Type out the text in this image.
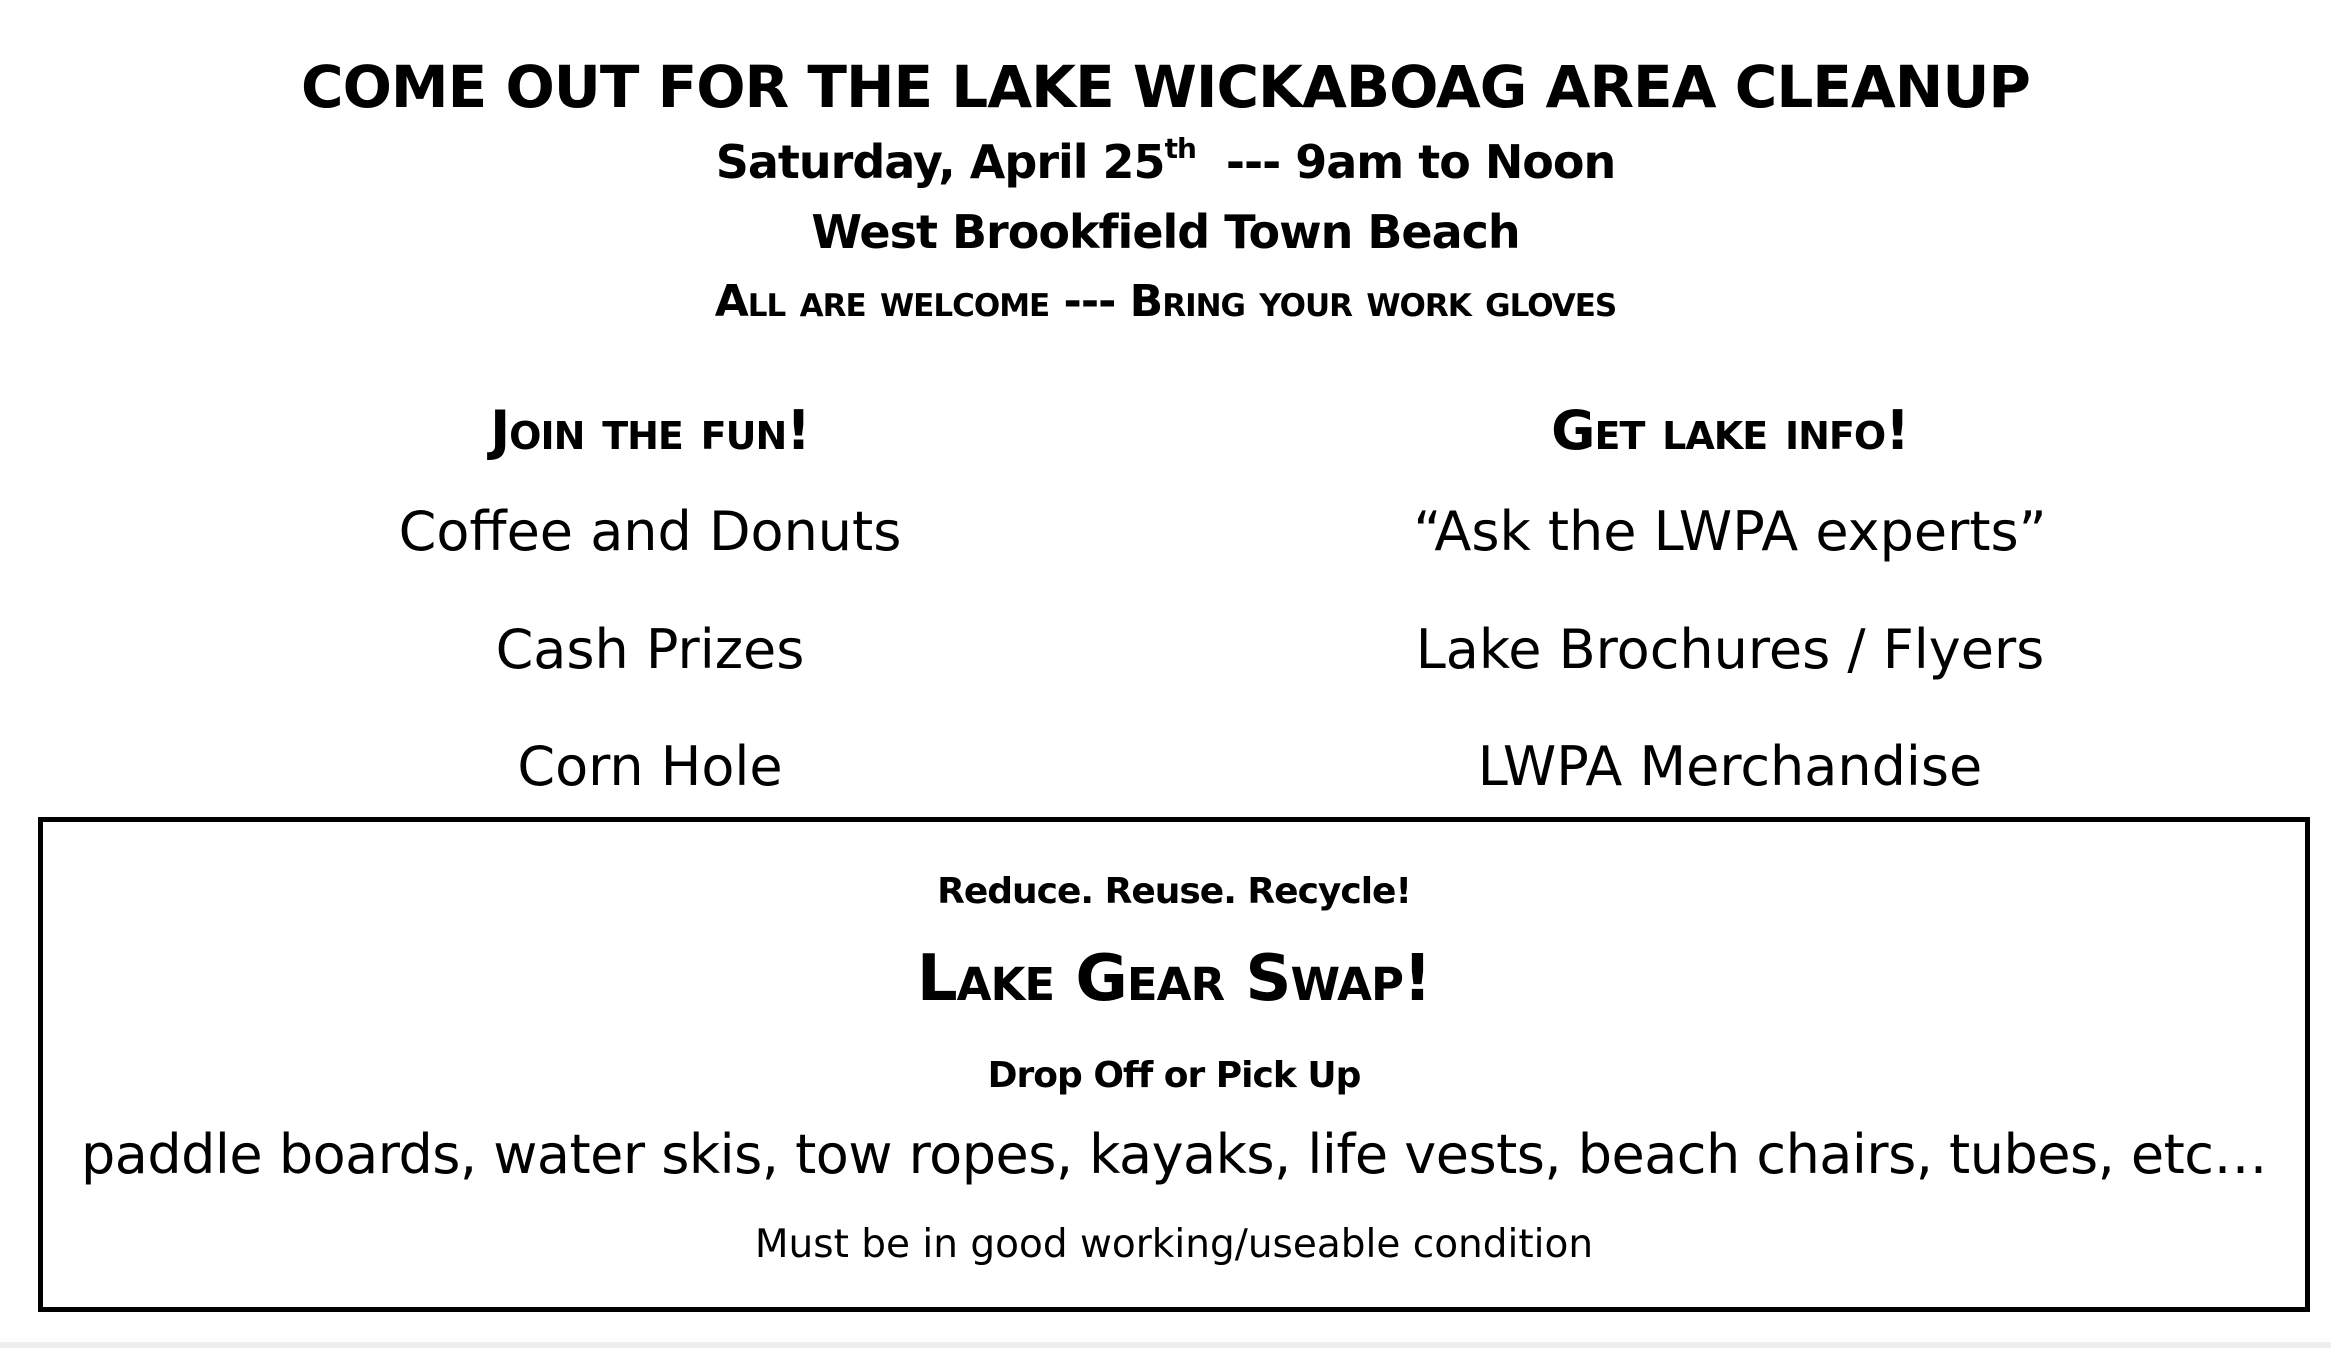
COME OUT FOR THE LAKE WICKABOAG AREA CLEANUP
Saturday, April 25th --- 9am to Noon
West Brookfield Town Beach
All are welcome --- Bring your work gloves
Join the fun!
Coffee and Donuts
Cash Prizes
Corn Hole
Get lake info!
“Ask the LWPA experts”
Lake Brochures / Flyers
LWPA Merchandise
Reduce. Reuse. Recycle!
Lake Gear Swap!
Drop Off or Pick Up
paddle boards, water skis, tow ropes, kayaks, life vests, beach chairs, tubes, etc…
Must be in good working/useable condition
